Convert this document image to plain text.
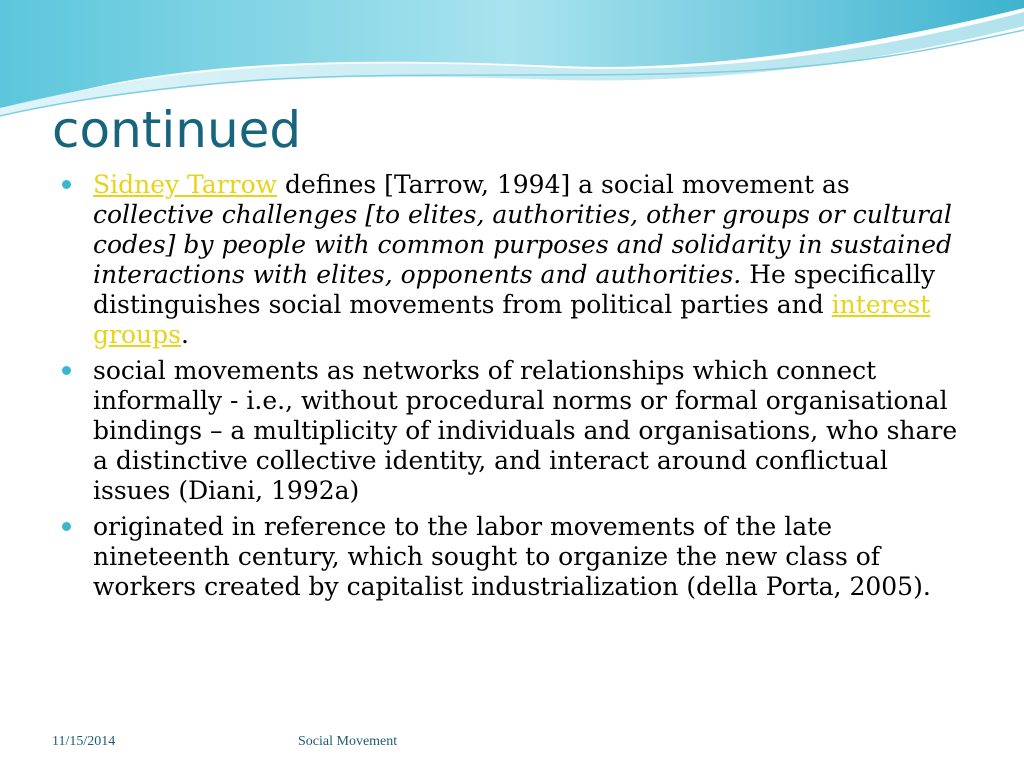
continued

Sidney Tarrow defines [Tarrow, 1994] a social movement as collective challenges [to elites, authorities, other groups or cultural codes] by people with common purposes and solidarity in sustained interactions with elites, opponents and authorities. He specifically distinguishes social movements from political parties and interest groups.

social movements as networks of relationships which connect informally - i.e., without procedural norms or formal organisational bindings – a multiplicity of individuals and organisations, who share a distinctive collective identity, and interact around conflictual issues (Diani, 1992a)

originated in reference to the labor movements of the late nineteenth century, which sought to organize the new class of workers created by capitalist industrialization (della Porta, 2005).

11/15/2014	Social Movement
